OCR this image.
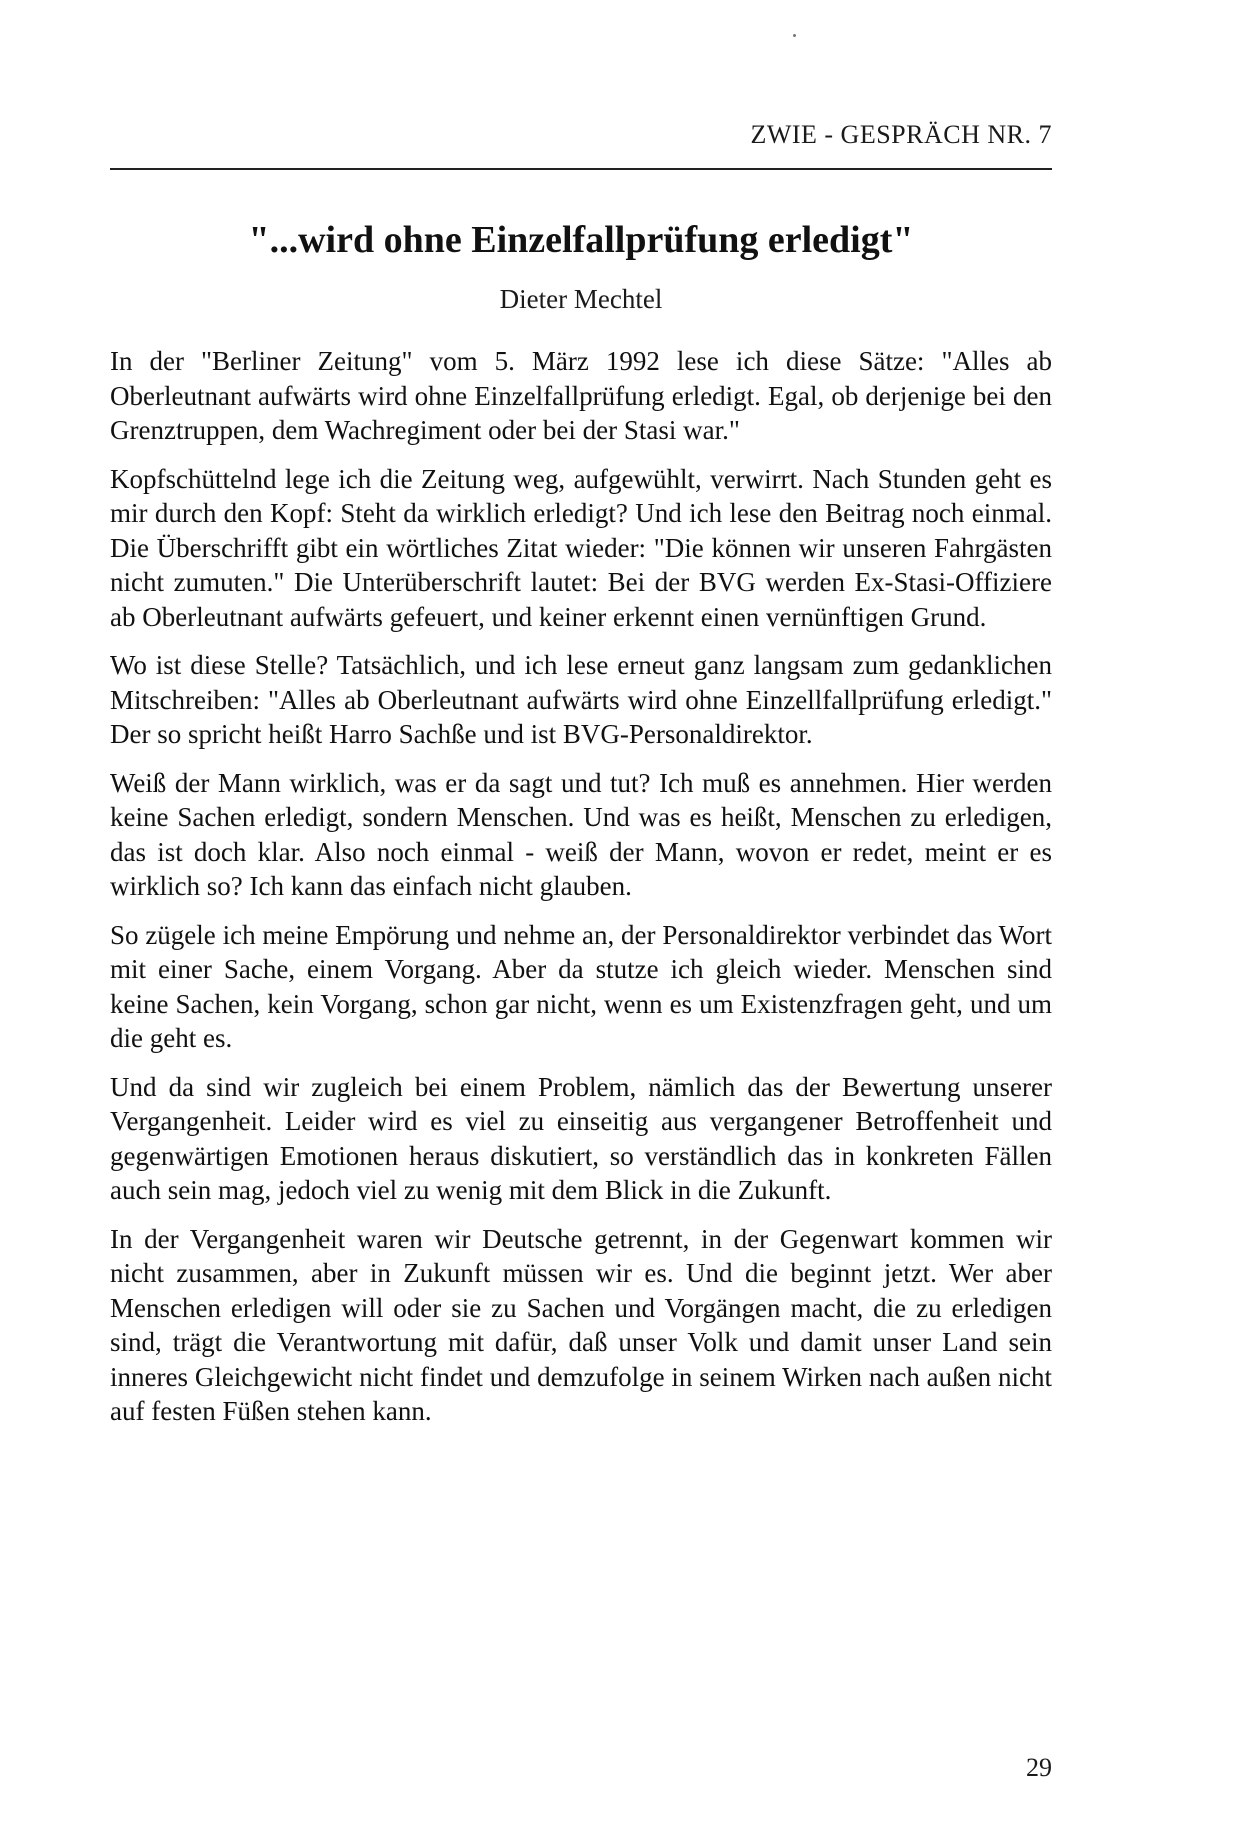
ZWIE - GESPRÄCH NR. 7
"...wird ohne Einzelfallprüfung erledigt"
Dieter Mechtel

In der "Berliner Zeitung" vom 5. März 1992 lese ich diese Sätze: "Alles ab Oberleutnant aufwärts wird ohne Einzelfallprüfung erledigt. Egal, ob derjenige bei den Grenztruppen, dem Wachregiment oder bei der Stasi war."

Kopfschüttelnd lege ich die Zeitung weg, aufgewühlt, verwirrt. Nach Stunden geht es mir durch den Kopf: Steht da wirklich erledigt? Und ich lese den Beitrag noch einmal. Die Überschrifft gibt ein wörtliches Zitat wieder: "Die können wir unseren Fahrgästen nicht zumuten." Die Unterüberschrift lautet: Bei der BVG werden Ex-Stasi-Offiziere ab Oberleutnant aufwärts gefeuert, und keiner erkennt einen vernünftigen Grund.

Wo ist diese Stelle? Tatsächlich, und ich lese erneut ganz langsam zum gedanklichen Mitschreiben: "Alles ab Oberleutnant aufwärts wird ohne Einzellfallprüfung erledigt." Der so spricht heißt Harro Sachße und ist BVG-Personaldirektor.

Weiß der Mann wirklich, was er da sagt und tut? Ich muß es annehmen. Hier werden keine Sachen erledigt, sondern Menschen. Und was es heißt, Menschen zu erledigen, das ist doch klar. Also noch einmal - weiß der Mann, wovon er redet, meint er es wirklich so? Ich kann das einfach nicht glauben.

So zügele ich meine Empörung und nehme an, der Personaldirektor verbindet das Wort mit einer Sache, einem Vorgang. Aber da stutze ich gleich wieder. Menschen sind keine Sachen, kein Vorgang, schon gar nicht, wenn es um Existenzfragen geht, und um die geht es.

Und da sind wir zugleich bei einem Problem, nämlich das der Bewertung unserer Vergangenheit. Leider wird es viel zu einseitig aus vergangener Betroffenheit und gegenwärtigen Emotionen heraus diskutiert, so verständlich das in konkreten Fällen auch sein mag, jedoch viel zu wenig mit dem Blick in die Zukunft.

In der Vergangenheit waren wir Deutsche getrennt, in der Gegenwart kommen wir nicht zusammen, aber in Zukunft müssen wir es. Und die beginnt jetzt. Wer aber Menschen erledigen will oder sie zu Sachen und Vorgängen macht, die zu erledigen sind, trägt die Verantwortung mit dafür, daß unser Volk und damit unser Land sein inneres Gleichgewicht nicht findet und demzufolge in seinem Wirken nach außen nicht auf festen Füßen stehen kann.

29
